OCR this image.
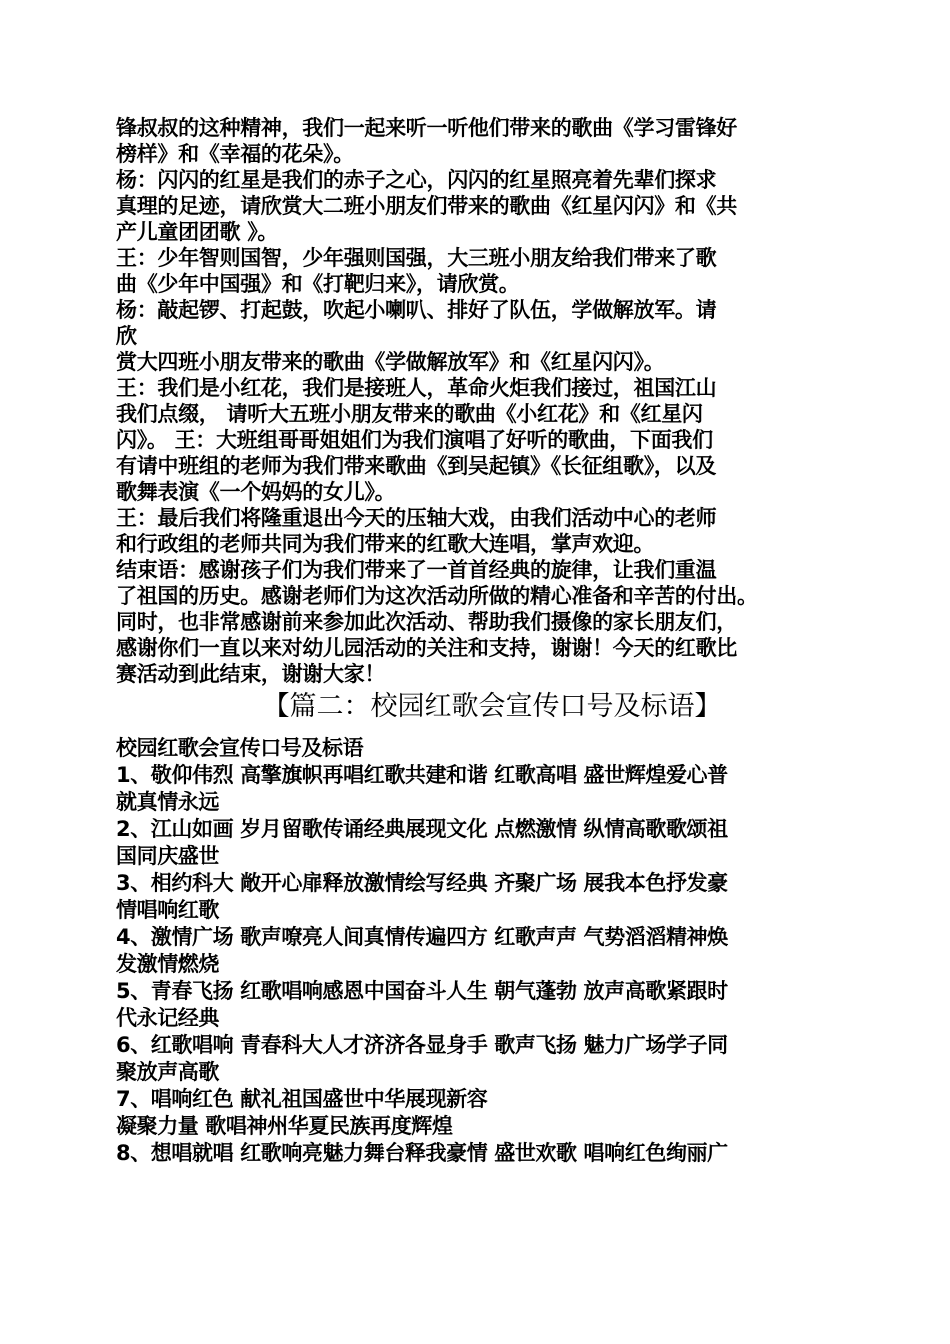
锋叔叔的这种精神，我们一起来听一听他们带来的歌曲《学习雷锋好
榜样》和《幸福的花朵》。
杨：闪闪的红星是我们的赤子之心，闪闪的红星照亮着先辈们探求
真理的足迹，请欣赏大二班小朋友们带来的歌曲《红星闪闪》和《共
产儿童团团歌 》。
王：少年智则国智，少年强则国强，大三班小朋友给我们带来了歌
曲《少年中国强》和《打靶归来》，请欣赏。
杨：敲起锣、打起鼓，吹起小喇叭、排好了队伍，学做解放军。请
欣
赏大四班小朋友带来的歌曲《学做解放军》和《红星闪闪》。
王：我们是小红花，我们是接班人，革命火炬我们接过，祖国江山
我们点缀， 请听大五班小朋友带来的歌曲《小红花》和《红星闪
闪》。 王：大班组哥哥姐姐们为我们演唱了好听的歌曲，下面我们
有请中班组的老师为我们带来歌曲《到吴起镇》《长征组歌》，以及
歌舞表演《一个妈妈的女儿》。
王：最后我们将隆重退出今天的压轴大戏，由我们活动中心的老师
和行政组的老师共同为我们带来的红歌大连唱，掌声欢迎。
结束语：感谢孩子们为我们带来了一首首经典的旋律，让我们重温
了祖国的历史。感谢老师们为这次活动所做的精心准备和辛苦的付出。
同时，也非常感谢前来参加此次活动、帮助我们摄像的家长朋友们，
感谢你们一直以来对幼儿园活动的关注和支持，谢谢！今天的红歌比
赛活动到此结束，谢谢大家！
【篇二：校园红歌会宣传口号及标语】
校园红歌会宣传口号及标语
1、敬仰伟烈 高擎旗帜再唱红歌共建和谐 红歌高唱 盛世辉煌爱心普
就真情永远
2、江山如画 岁月留歌传诵经典展现文化 点燃激情 纵情高歌歌颂祖
国同庆盛世
3、相约科大 敞开心扉释放激情绘写经典 齐聚广场 展我本色抒发豪
情唱响红歌
4、激情广场 歌声嘹亮人间真情传遍四方 红歌声声 气势滔滔精神焕
发激情燃烧
5、青春飞扬 红歌唱响感恩中国奋斗人生 朝气蓬勃 放声高歌紧跟时
代永记经典
6、红歌唱响 青春科大人才济济各显身手 歌声飞扬 魅力广场学子同
聚放声高歌
7、唱响红色 献礼祖国盛世中华展现新容
凝聚力量 歌唱神州华夏民族再度辉煌
8、想唱就唱 红歌响亮魅力舞台释我豪情 盛世欢歌 唱响红色绚丽广
